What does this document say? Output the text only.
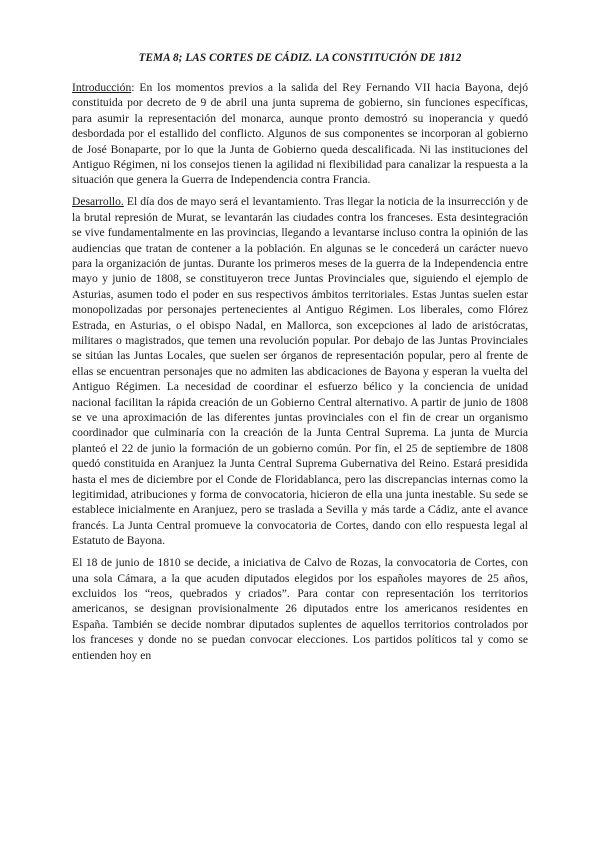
TEMA 8; LAS CORTES DE CÁDIZ. LA CONSTITUCIÓN DE 1812

Introducción: En los momentos previos a la salida del Rey Fernando VII hacia Bayona, dejó constituida por decreto de 9 de abril una junta suprema de gobierno, sin funciones específicas, para asumir la representación del monarca, aunque pronto demostró su inoperancia y quedó desbordada por el estallido del conflicto. Algunos de sus componentes se incorporan al gobierno de José Bonaparte, por lo que la Junta de Gobierno queda descalificada. Ni las instituciones del Antiguo Régimen, ni los consejos tienen la agilidad ni flexibilidad para canalizar la respuesta a la situación que genera la Guerra de Independencia contra Francia.

Desarrollo. El día dos de mayo será el levantamiento. Tras llegar la noticia de la insurrección y de la brutal represión de Murat, se levantarán las ciudades contra los franceses. Esta desintegración se vive fundamentalmente en las provincias, llegando a levantarse incluso contra la opinión de las audiencias que tratan de contener a la población. En algunas se le concederá un carácter nuevo para la organización de juntas. Durante los primeros meses de la guerra de la Independencia entre mayo y junio de 1808, se constituyeron trece Juntas Provinciales que, siguiendo el ejemplo de Asturias, asumen todo el poder en sus respectivos ámbitos territoriales. Estas Juntas suelen estar monopolizadas por personajes pertenecientes al Antiguo Régimen. Los liberales, como Flórez Estrada, en Asturias, o el obispo Nadal, en Mallorca, son excepciones al lado de aristócratas, militares o magistrados, que temen una revolución popular. Por debajo de las Juntas Provinciales se sitúan las Juntas Locales, que suelen ser órganos de representación popular, pero al frente de ellas se encuentran personajes que no admiten las abdicaciones de Bayona y esperan la vuelta del Antiguo Régimen. La necesidad de coordinar el esfuerzo bélico y la conciencia de unidad nacional facilitan la rápida creación de un Gobierno Central alternativo. A partir de junio de 1808 se ve una aproximación de las diferentes juntas provinciales con el fin de crear un organismo coordinador que culminaría con la creación de la Junta Central Suprema. La junta de Murcia planteó el 22 de junio la formación de un gobierno común. Por fin, el 25 de septiembre de 1808 quedó constituida en Aranjuez la Junta Central Suprema Gubernativa del Reino. Estará presidida hasta el mes de diciembre por el Conde de Floridablanca, pero las discrepancias internas como la legitimidad, atribuciones y forma de convocatoria, hicieron de ella una junta inestable. Su sede se establece inicialmente en Aranjuez, pero se traslada a Sevilla y más tarde a Cádiz, ante el avance francés. La Junta Central promueve la convocatoria de Cortes, dando con ello respuesta legal al Estatuto de Bayona.

El 18 de junio de 1810 se decide, a iniciativa de Calvo de Rozas, la convocatoria de Cortes, con una sola Cámara, a la que acuden diputados elegidos por los españoles mayores de 25 años, excluidos los “reos, quebrados y criados”. Para contar con representación los territorios americanos, se designan provisionalmente 26 diputados entre los americanos residentes en España. También se decide nombrar diputados suplentes de aquellos territorios controlados por los franceses y donde no se puedan convocar elecciones. Los partidos políticos tal y como se entienden hoy en
